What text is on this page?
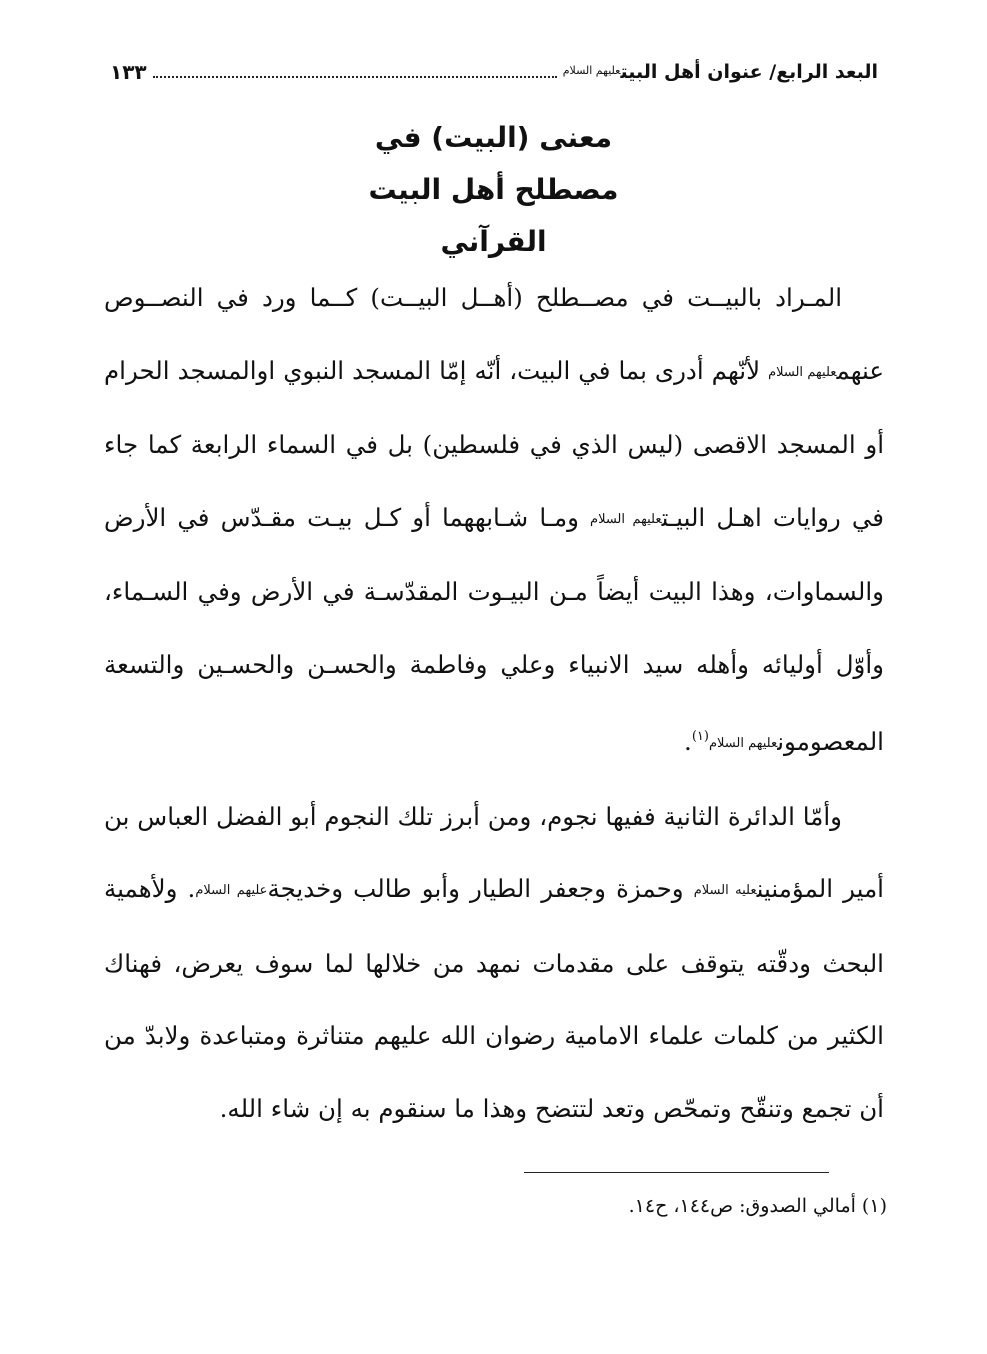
البعد الرابع/ عنوان أهل البيت$^{عليهم السلام}$
١٣٣
معنى (البيت) في
مصطلح أهل البيت
القرآني

المـراد بالبيــت في مصــطلح (أهــل البيــت) كــما ورد في النصــوص عنهمعليهم السلام لأنّهم أدرى بما في البيت، أنّه إمّا المسجد النبوي اوالمسجد الحرام أو المسجد الاقصى (ليس الذي في فلسطين) بل في السماء الرابعة كما جاء في روايات اهـل البيـتعليهم السلام ومـا شـابههما أو كـل بيـت مقـدّس في الأرض والسماوات، وهذا البيت أيضاً مـن البيـوت المقدّسـة في الأرض وفي السـماء، وأوّل أوليائه وأهله سيد الانبياء وعلي وفاطمة والحسـن والحسـين والتسعة المعصومونعليهم السلام$^{(١)}$.

وأمّا الدائرة الثانية ففيها نجوم، ومن أبرز تلك النجوم أبو الفضل العباس بن أمير المؤمنينعليه السلام وحمزة وجعفر الطيار وأبو طالب وخديجةعليهم السلام. ولأهمية البحث ودقّته يتوقف على مقدمات نمهد من خلالها لما سوف يعرض، فهناك الكثير من كلمات علماء الامامية رضوان الله عليهم متناثرة ومتباعدة ولابدّ من أن تجمع وتنقّح وتمحّص وتعد لتتضح وهذا ما سنقوم به إن شاء الله.

(١) أمالي الصدوق: ص١٤٤، ح١٤.
